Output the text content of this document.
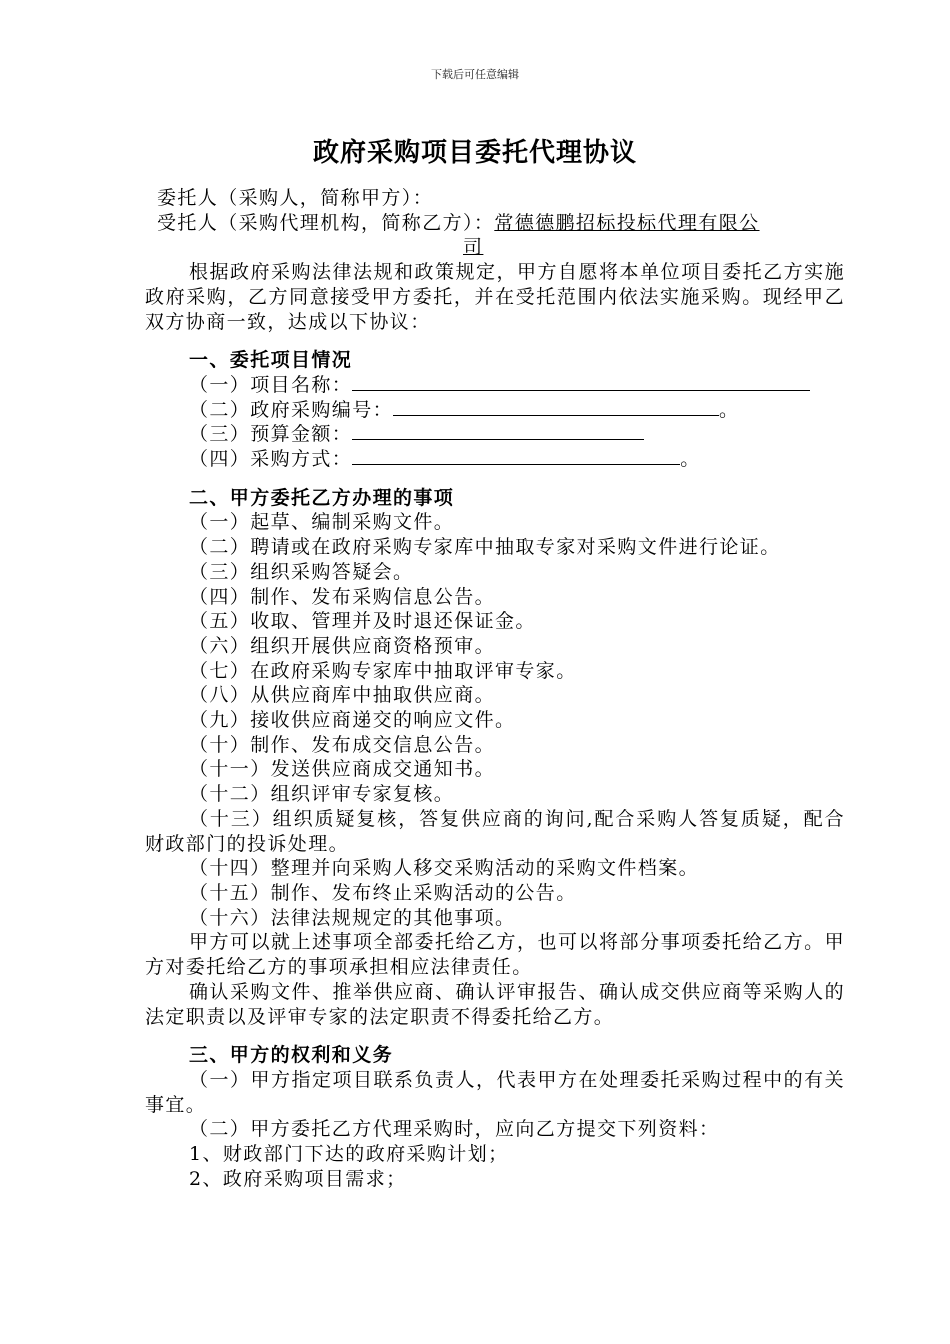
下载后可任意编辑
政府采购项目委托代理协议
委托人（采购人，简称甲方）：
受托人（采购代理机构，简称乙方）：常德德鹏招标投标代理有限公
司
根据政府采购法律法规和政策规定，甲方自愿将本单位项目委托乙方实施政府采购，乙方同意接受甲方委托，并在受托范围内依法实施采购。现经甲乙双方协商一致，达成以下协议：
一、委托项目情况
（一）项目名称：
（二）政府采购编号：	。
（三）预算金额：
（四）采购方式：	。
二、甲方委托乙方办理的事项
（一）起草、编制采购文件。
（二）聘请或在政府采购专家库中抽取专家对采购文件进行论证。
（三）组织采购答疑会。
（四）制作、发布采购信息公告。
（五）收取、管理并及时退还保证金。
（六）组织开展供应商资格预审。
（七）在政府采购专家库中抽取评审专家。
（八）从供应商库中抽取供应商。
（九）接收供应商递交的响应文件。
（十）制作、发布成交信息公告。
（十一）发送供应商成交通知书。
（十二）组织评审专家复核。
（十三）组织质疑复核，答复供应商的询问,配合采购人答复质疑，配合财政部门的投诉处理。
（十四）整理并向采购人移交采购活动的采购文件档案。
（十五）制作、发布终止采购活动的公告。
（十六）法律法规规定的其他事项。
甲方可以就上述事项全部委托给乙方，也可以将部分事项委托给乙方。甲方对委托给乙方的事项承担相应法律责任。
确认采购文件、推举供应商、确认评审报告、确认成交供应商等采购人的法定职责以及评审专家的法定职责不得委托给乙方。
三、甲方的权利和义务
（一）甲方指定项目联系负责人，代表甲方在处理委托采购过程中的有关事宜。
（二）甲方委托乙方代理采购时，应向乙方提交下列资料：
1、财政部门下达的政府采购计划；
2、政府采购项目需求；
